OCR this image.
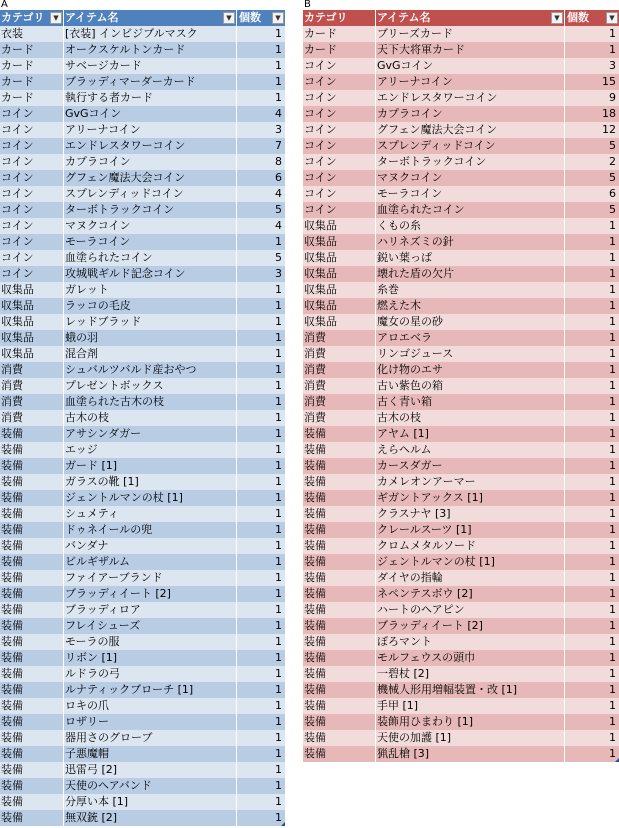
A
カテゴリ	▼ アイテム名	▼ 個数	▼
衣装	[衣装] インビジブルマスク	1
カード	オークスケルトンカード	1
カード	サベージカード	1
カード	ブラッディマーダーカード	1
カード	執行する者カード	1
コイン	GvGコイン	4
コイン	アリーナコイン	3
コイン	エンドレスタワーコイン	7
コイン	カプラコイン	8
コイン	グフェン魔法大会コイン	6
コイン	スプレンディッドコイン	4
コイン	ターボトラックコイン	5
コイン	マヌクコイン	4
コイン	モーラコイン	1
コイン	血塗られたコイン	5
コイン	攻城戦ギルド記念コイン	3
収集品	ガレット	1
収集品	ラッコの毛皮	1
収集品	レッドブラッド	1
収集品	蛾の羽	1
収集品	混合剤	1
消費	シュバルツバルド産おやつ	1
消費	プレゼントボックス	1
消費	血塗られた古木の枝	1
消費	古木の枝	1
装備	アサシンダガー	1
装備	エッジ	1
装備	ガード [1]	1
装備	ガラスの靴 [1]	1
装備	ジェントルマンの杖 [1]	1
装備	シュメティ	1
装備	ドゥネイールの兜	1
装備	バンダナ	1
装備	ビルギザルム	1
装備	ファイアーブランド	1
装備	ブラッディイート [2]	1
装備	ブラッディロア	1
装備	フレイシューズ	1
装備	モーラの服	1
装備	リボン [1]	1
装備	ルドラの弓	1
装備	ルナティックブローチ [1]	1
装備	ロキの爪	1
装備	ロザリー	1
装備	器用さのグローブ	1
装備	子悪魔帽	1
装備	迅雷弓 [2]	1
装備	天使のヘアバンド	1
装備	分厚い本 [1]	1
装備	無双銃 [2]	1
B
カテゴリ	アイテム名	▼ 個数	▼
カード	ブリーズカード	1
カード	天下大将軍カード	1
コイン	GvGコイン	3
コイン	アリーナコイン	15
コイン	エンドレスタワーコイン	9
コイン	カプラコイン	18
コイン	グフェン魔法大会コイン	12
コイン	スプレンディッドコイン	5
コイン	ターボトラックコイン	2
コイン	マヌクコイン	5
コイン	モーラコイン	6
コイン	血塗られたコイン	5
収集品	くもの糸	1
収集品	ハリネズミの針	1
収集品	鋭い葉っぱ	1
収集品	壊れた盾の欠片	1
収集品	糸巻	1
収集品	燃えた木	1
収集品	魔女の星の砂	1
消費	アロエベラ	1
消費	リンゴジュース	1
消費	化け物のエサ	1
消費	古い紫色の箱	1
消費	古く青い箱	1
消費	古木の枝	1
装備	アヤム [1]	1
装備	えらヘルム	1
装備	カースダガー	1
装備	カメレオンアーマー	1
装備	ギガントアックス [1]	1
装備	クラスナヤ [3]	1
装備	クレールスーツ [1]	1
装備	クロムメタルソード	1
装備	ジェントルマンの杖 [1]	1
装備	ダイヤの指輪	1
装備	ネペンテスボウ [2]	1
装備	ハートのヘアピン	1
装備	ブラッディイート [2]	1
装備	ぼろマント	1
装備	モルフェウスの頭巾	1
装備	一碧杖 [2]	1
装備	機械人形用増幅装置・改 [1]	1
装備	手甲 [1]	1
装備	装飾用ひまわり [1]	1
装備	天使の加護 [1]	1
装備	猟乱槍 [3]	1
